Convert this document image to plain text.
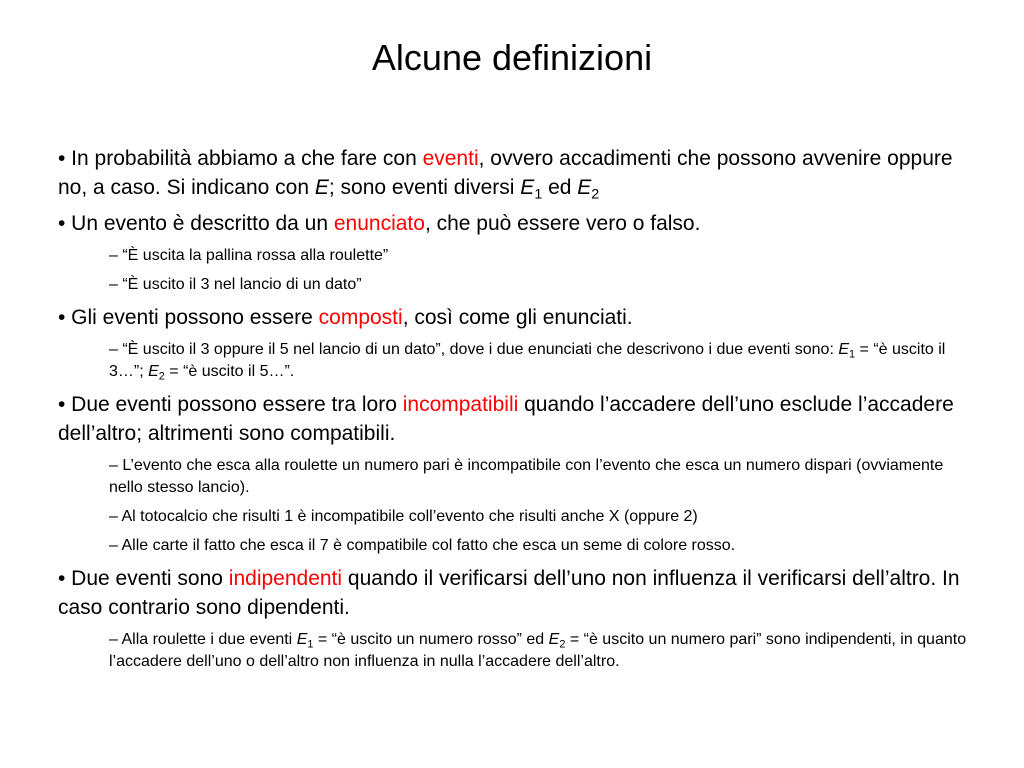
Alcune definizioni

• In probabilità abbiamo a che fare con eventi, ovvero accadimenti che possono avvenire oppure no, a caso. Si indicano con E; sono eventi diversi $E_1$ ed $E_2$

• Un evento è descritto da un enunciato, che può essere vero o falso.

– “È uscita la pallina rossa alla roulette”

– “È uscito il 3 nel lancio di un dato”

• Gli eventi possono essere composti, così come gli enunciati.

– “È uscito il 3 oppure il 5 nel lancio di un dato”, dove i due enunciati che descrivono i due eventi sono: $E_1$ = “è uscito il 3…”; $E_2$ = “è uscito il 5…”.

• Due eventi possono essere tra loro incompatibili quando l’accadere dell’uno esclude l’accadere dell’altro; altrimenti sono compatibili.

– L’evento che esca alla roulette un numero pari è incompatibile con l’evento che esca un numero dispari (ovviamente nello stesso lancio).

– Al totocalcio che risulti 1 è incompatibile coll’evento che risulti anche X (oppure 2)

– Alle carte il fatto che esca il 7 è compatibile col fatto che esca un seme di colore rosso.

• Due eventi sono indipendenti quando il verificarsi dell’uno non influenza il verificarsi dell’altro. In caso contrario sono dipendenti.

– Alla roulette i due eventi $E_1$ = “è uscito un numero rosso” ed $E_2$ = “è uscito un numero pari” sono indipendenti, in quanto l’accadere dell’uno o dell’altro non influenza in nulla l’accadere dell’altro.
